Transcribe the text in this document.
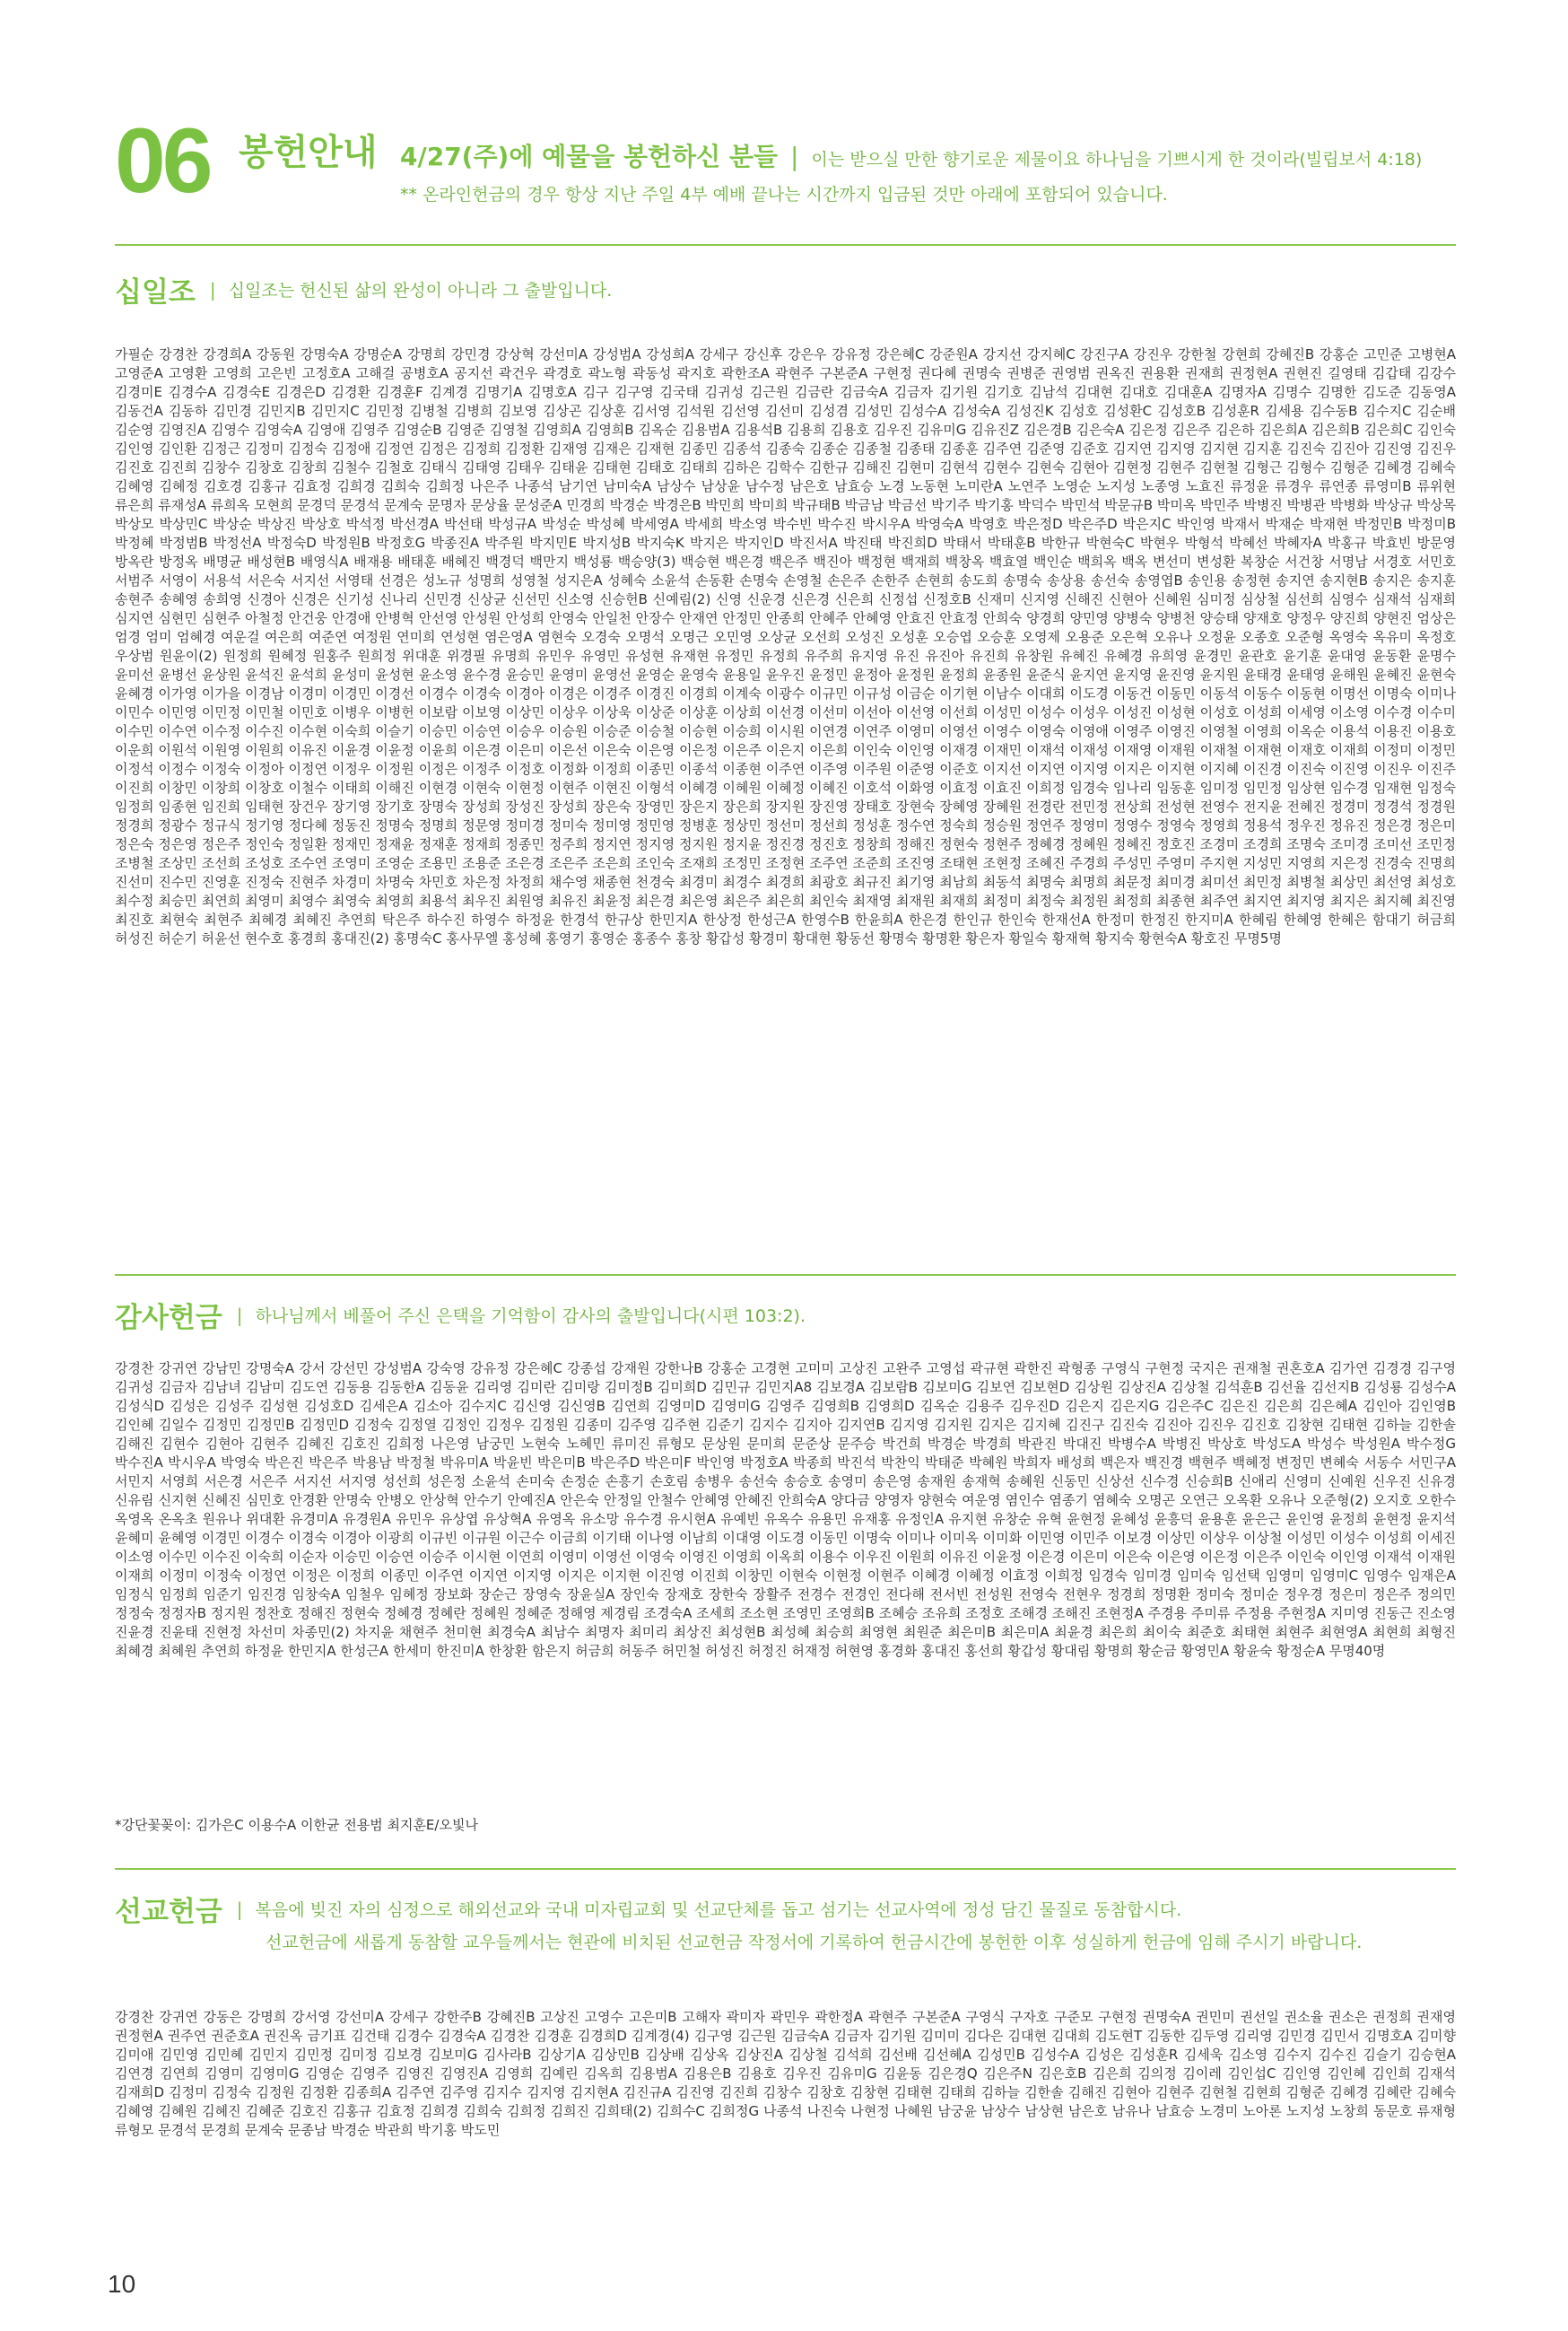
06 봉헌안내 4/27(주)에 예물을 봉헌하신 분들 | 이는 받으실 만한 향기로운 제물이요 하나님을 기쁘시게 한 것이라(빌립보서 4:18)
** 온라인헌금의 경우 항상 지난 주일 4부 예배 끝나는 시간까지 입금된 것만 아래에 포함되어 있습니다.
십일조 | 십일조는 헌신된 삶의 완성이 아니라 그 출발입니다.
가필순 강경찬 강경희A 강동원 강명숙A 강명순A 강명희 강민경 강상혁 강선미A 강성범A 강성희A 강세구 강신후 강은우 강유정 강은혜C 강준원A 강지선 강지혜C 강진구A 강진우 강한철 강현희 강혜진B 강홍순 고민준 고병현A 고영준A 고영환 고영희 고은빈 고정호A 고해걸 공병호A 공지선 곽건우 곽경호 곽노형 곽동성 곽지호 곽한조A 곽현주 구본준A 구현정 권다혜 권명숙 권병준 권영범 권옥진 권용환 권재희 권정현A 권현진 길영태 김갑태 김강수 김경미E 김경수A 김경숙E 김경은D 김경환 김경훈F 김계경 김명기A 김명호A 김구 김구영 김국태 김귀성 김근원 김금란 김금숙A 김금자 김기원 김기호 김남석 김대현 김대호 김대훈A 김명자A 김명수 김명한 김도준 김동영A 김동건A 김동하 김민경 김민지B 김민지C 김민정 김병철 김병희 김보영 김상곤 김상훈 김서영 김석원 김선영 김선미 김성겸 김성민 김성수A 김성숙A 김성진K 김성호 김성환C 김성호B 김성훈R 김세용 김수동B 김수지C 김순배 김순영 김영진A 김영수 김영숙A 김영애 김영주 김영순B 김영준 김영철 김영희A 김영희B 김옥순 김용범A 김용석B 김용희 김용호 김우진 김유미G 김유진Z 김은경B 김은숙A 김은정 김은주 김은하 김은희A 김은희B 김은희C 김인숙 김인영 김인환 김정근 김정미 김정숙 김정애 김정연 김정은 김정희 김정환 김재영 김재은 김재현 김종민 김종석 김종숙 김종순 김종철 김종태 김종훈 김주연 김준영 김준호 김지연 김지영 김지현 김지훈 김진숙 김진아 김진영 김진우 김진호 김진희 김창수 김창호 김창희 김철수 김철호 김태식 김태영 김태우 김태윤 김태현 김태호 김태희 김하은 김학수 김한규 김해진 김현미 김현석 김현수 김현숙 김현아 김현정 김현주 김현철 김형근 김형수 김형준 김혜경 김혜숙 김혜영 김혜정 김호경 김홍규 김효정 김희경 김희숙 김희정 나은주 나종석 남기연 남미숙A 남상수 남상윤 남수정 남은호 남효승 노경 노동현 노미란A 노연주 노영순 노지성 노종영 노효진 류정윤 류경우 류연종 류영미B 류위현 류은희 류재성A 류희옥 모현희 문경덕 문경석 문계숙 문명자 문상율 문성준A 민경희 박경순 박경은B 박민희 박미희 박규태B 박금남 박금선 박기주 박기홍 박덕수 박민석 박문규B 박미옥 박민주 박병진 박병관 박병화 박상규 박상목 박상모 박상민C 박상순 박상진 박상호 박석정 박선경A 박선태 박성규A 박성순 박성혜 박세영A 박세희 박소영 박수빈 박수진 박시우A 박영숙A 박영호 박은정D 박은주D 박은지C 박인영 박재서 박재순 박재현 박정민B 박정미B 박정혜 박정범B 박정선A 박정숙D 박정원B 박정호G 박종진A 박주원 박지민E 박지성B 박지숙K 박지은 박지인D 박진서A 박진태 박진희D 박태서 박태훈B 박한규 박현숙C 박현우 박형석 박혜선 박혜자A 박홍규 박효빈 방문영 방옥란 방정옥 배명균 배성현B 배영식A 배재용 배태훈 배혜진 백경덕 백만지 백성룡 백승양(3) 백승현 백은경 백은주 백진아 백정현 백재희 백창옥 백효열 백인순 백희옥 백옥 변선미 변성환 복창순 서건창 서명남 서경호 서민호 서범주 서영이 서용석 서은숙 서지선 서영태 선경은 성노규 성명희 성영철 성지은A 성혜숙 소윤석 손동환 손명숙 손영철 손은주 손한주 손현희 송도희 송명숙 송상용 송선숙 송영엽B 송인용 송정현 송지연 송지현B 송지은 송지훈 송현주 송혜영 송희영 신경아 신경은 신기성 신나리 신민경 신상균 신선민 신소영 신승헌B 신예림(2) 신영 신운경 신은경 신은희 신정섭 신정호B 신재미 신지영 신해진 신현아 신혜원 심미정 심상철 심선희 심영수 심재석 심재희 심지연 심현민 심현주 아철정 안건웅 안경애 안병혁 안선영 안성원 안성희 안영숙 안일천 안장수 안재연 안정민 안종희 안혜주 안혜영 안효진 안효정 안희숙 양경희 양민영 양병숙 양병천 양승태 양재호 양정우 양진희 양현진 엄상은 엄경 엄미 엄혜경 여운걸 여은희 여준연 여정원 연미희 연성현 염은영A 염현숙 오경숙 오명석 오명근 오민영 오상균 오선희 오성진 오성훈 오승엽 오승훈 오영제 오용준 오은혁 오유나 오정윤 오종호 오준형 옥영숙 옥유미 옥정호 우상범 원윤이(2) 원정희 원혜정 원홍주 원희정 위대훈 위경필 유명희 유민우 유영민 유성현 유재현 유정민 유정희 유주희 유지영 유진 유진아 유진희 유창원 유혜진 유혜경 유희영 윤경민 윤관호 윤기훈 윤대영 윤동환 윤명수 윤미선 윤병선 윤상원 윤석진 윤석희 윤성미 윤성현 윤소영 윤수경 윤승민 윤영미 윤영선 윤영순 윤영숙 윤용일 윤우진 윤정민 윤정아 윤정원 윤정희 윤종원 윤준식 윤지연 윤지영 윤진영 윤지원 윤태경 윤태영 윤해원 윤혜진 윤현숙 윤혜경 이가영 이가을 이경남 이경미 이경민 이경선 이경수 이경숙 이경아 이경은 이경주 이경진 이경희 이계숙 이광수 이규민 이규성 이금순 이기현 이남수 이대희 이도경 이동건 이동민 이동석 이동수 이동현 이명선 이명숙 이미나 이민수 이민영 이민정 이민철 이민호 이병우 이병헌 이보람 이보영 이상민 이상우 이상욱 이상준 이상훈 이상희 이선경 이선미 이선아 이선영 이선희 이성민 이성수 이성우 이성진 이성현 이성호 이성희 이세영 이소영 이수경 이수미 이수민 이수연 이수정 이수진 이수현 이숙희 이슬기 이승민 이승연 이승우 이승원 이승준 이승철 이승현 이승희 이시원 이연경 이연주 이영미 이영선 이영수 이영숙 이영애 이영주 이영진 이영철 이영희 이옥순 이용석 이용진 이용호 이운희 이원석 이원영 이원희 이유진 이윤경 이윤정 이윤희 이은경 이은미 이은선 이은숙 이은영 이은정 이은주 이은지 이은희 이인숙 이인영 이재경 이재민 이재석 이재성 이재영 이재원 이재철 이재현 이재호 이재희 이정미 이정민 이정석 이정수 이정숙 이정아 이정연 이정우 이정원 이정은 이정주 이정호 이정화 이정희 이종민 이종석 이종현 이주연 이주영 이주원 이준영 이준호 이지선 이지연 이지영 이지은 이지현 이지혜 이진경 이진숙 이진영 이진우 이진주 이진희 이창민 이창희 이창호 이철수 이태희 이해진 이현경 이현숙 이현정 이현주 이현진 이형석 이혜경 이혜원 이혜정 이혜진 이호석 이화영 이효정 이효진 이희정 임경숙 임나리 임동훈 임미정 임민정 임상현 임수경 임재현 임정숙 임정희 임종현 임진희 임태현 장건우 장기영 장기호 장명숙 장성희 장성진 장성희 장은숙 장영민 장은지 장은희 장지원 장진영 장태호 장현숙 장혜영 장혜원 전경란 전민정 전상희 전성현 전영수 전지윤 전혜진 정경미 정경석 정경원 정경희 정광수 정규식 정기영 정다혜 정동진 정명숙 정명희 정문영 정미경 정미숙 정미영 정민영 정병훈 정상민 정선미 정선희 정성훈 정수연 정숙희 정승원 정연주 정영미 정영수 정영숙 정영희 정용석 정우진 정유진 정은경 정은미 정은숙 정은영 정은주 정인숙 정일환 정재민 정재윤 정재훈 정재희 정종민 정주희 정지연 정지영 정지원 정지윤 정진경 정진호 정창희 정해진 정현숙 정현주 정혜경 정혜원 정혜진 정호진 조경미 조경희 조명숙 조미경 조미선 조민정 조병철 조상민 조선희 조성호 조수연 조영미 조영순 조용민 조용준 조은경 조은주 조은희 조인숙 조재희 조정민 조정현 조주연 조준희 조진영 조태현 조현정 조혜진 주경희 주성민 주영미 주지현 지성민 지영희 지은정 진경숙 진명희 진선미 진수민 진영훈 진정숙 진현주 차경미 차명숙 차민호 차은정 차정희 채수영 채종현 천경숙 최경미 최경수 최경희 최광호 최규진 최기영 최남희 최동석 최명숙 최명희 최문정 최미경 최미선 최민정 최병철 최상민 최선영 최성호 최수정 최승민 최연희 최영미 최영수 최영숙 최영희 최용석 최우진 최원영 최유진 최윤정 최은경 최은영 최은주 최은희 최인숙 최재영 최재원 최재희 최정미 최정숙 최정원 최정희 최종현 최주연 최지연 최지영 최지은 최지혜 최진영 최진호 최현숙 최현주 최혜경 최혜진 추연희 탁은주 하수진 하영수 하정윤 한경석 한규상 한민지A 한상정 한성근A 한영수B 한윤희A 한은경 한인규 한인숙 한재선A 한정미 한정진 한지미A 한혜림 한혜영 한혜은 함대기 허금희 허성진 허순기 허윤선 현수호 홍경희 홍대진(2) 홍명숙C 홍사무엘 홍성혜 홍영기 홍영순 홍종수 홍창 황갑성 황경미 황대현 황동선 황명숙 황명환 황은자 황일숙 황재혁 황지숙 황현숙A 황호진 무명5명
감사헌금 | 하나님께서 베풀어 주신 은택을 기억함이 감사의 출발입니다(시편 103:2).
강경찬 강귀연 강남민 강명숙A 강서 강선민 강성범A 강숙영 강유정 강은혜C 강종섭 강재원 강한나B 강홍순 고경현 고미미 고상진 고완주 고영섭 곽규현 곽한진 곽형종 구영식 구현정 국지은 권재철 권혼호A 김가연 김경경 김구영 김귀성 김금자 김남녀 김남미 김도연 김동용 김동한A 김동윤 김리영 김미란 김미랑 김미정B 김미희D 김민규 김민지A8 김보경A 김보람B 김보미G 김보연 김보현D 김상원 김상진A 김상철 김석훈B 김선율 김선지B 김성룡 김성수A 김성식D 김성은 김성주 김성현 김성호D 김세은A 김소아 김수지C 김신영 김신영B 김연희 김영미D 김영미G 김영주 김영희B 김영희D 김옥순 김용주 김우진D 김은지 김은지G 김은주C 김은진 김은희 김은혜A 김인아 김인영B 김인혜 김일수 김정민 김정민B 김정민D 김정숙 김정열 김정인 김정우 김정원 김종미 김주영 김주현 김준기 김지수 김지아 김지연B 김지영 김지원 김지은 김지혜 김진구 김진숙 김진아 김진우 김진호 김창현 김태현 김하늘 김한솔 김해진 김현수 김현아 김현주 김혜진 김호진 김희정 나은영 남궁민 노현숙 노혜민 류미진 류형모 문상원 문미희 문준상 문주승 박건희 박경순 박경희 박관진 박대진 박병수A 박병진 박상호 박성도A 박성수 박성원A 박수정G 박수진A 박시우A 박영숙 박은진 박은주 박용남 박정철 박유미A 박윤빈 박은미B 박은주D 박은미F 박인영 박정호A 박종희 박진석 박찬익 박태준 박혜원 박희자 배성희 백은자 백진경 백현주 백혜정 변정민 변혜숙 서동수 서민구A 서민지 서영희 서은경 서은주 서지선 서지영 성선희 성은정 소윤석 손미숙 손정순 손흥기 손호림 송병우 송선숙 송승호 송영미 송은영 송재원 송재혁 송혜원 신동민 신상선 신수경 신승희B 신애리 신영미 신예원 신우진 신유경 신유림 신지현 신혜진 심민호 안경환 안명숙 안병오 안상혁 안수기 안예진A 안은숙 안정일 안철수 안혜영 안혜진 안희숙A 양다금 양영자 양현숙 여운영 염인수 염종기 염혜숙 오명곤 오연근 오옥환 오유나 오준형(2) 오지호 오한수 옥영옥 온옥초 원유나 위대환 유경미A 유경원A 유민우 유상엽 유상혁A 유영옥 유소망 유수경 유시현A 유예빈 유옥수 유용민 유재홍 유정인A 유지현 유창순 유혁 윤현정 윤혜성 윤흥덕 윤용훈 윤은근 윤인영 윤정희 윤현정 윤지석 윤혜미 윤혜영 이경민 이경수 이경숙 이경아 이광희 이규빈 이규원 이근수 이금희 이기태 이나영 이남희 이대영 이도경 이동민 이명숙 이미나 이미옥 이미화 이민영 이민주 이보경 이상민 이상우 이상철 이성민 이성수 이성희 이세진 이소영 이수민 이수진 이숙희 이순자 이승민 이승연 이승주 이시현 이연희 이영미 이영선 이영숙 이영진 이영희 이옥희 이용수 이우진 이원희 이유진 이윤정 이은경 이은미 이은숙 이은영 이은정 이은주 이인숙 이인영 이재석 이재원 이재희 이정미 이정숙 이정연 이정은 이정희 이종민 이주연 이지연 이지영 이지은 이지현 이진영 이진희 이창민 이현숙 이현정 이현주 이혜경 이혜정 이효정 이희정 임경숙 임미경 임미숙 임선택 임영미 임영미C 임영수 임재은A 임정식 임정희 임준기 임진경 임창숙A 임철우 임혜정 장보화 장순근 장영숙 장윤실A 장인숙 장재호 장한숙 장활주 전경수 전경인 전다해 전서빈 전성원 전영숙 전현우 정경희 정명환 정미숙 정미순 정우경 정은미 정은주 정의민 정정숙 정정자B 정지원 정찬호 정해진 정현숙 정혜경 정혜란 정혜원 정혜준 정해영 제경림 조경숙A 조세희 조소현 조영민 조영희B 조혜승 조유희 조정호 조해경 조해진 조현정A 주경용 주미류 주정용 주현정A 지미영 진동근 진소영 진윤경 진윤태 진현정 차선미 차종민(2) 차지윤 채현주 천미현 최경숙A 최남수 최명자 최미리 최상진 최성현B 최성혜 최승희 최영현 최원준 최은미B 최은미A 최윤경 최은희 최이숙 최준호 최태현 최현주 최현영A 최현희 최형진 최혜경 최혜원 추연희 하정윤 한민지A 한성근A 한세미 한진미A 한창환 함은지 허금희 허동주 허민철 허성진 허정진 허재정 허현영 홍경화 홍대진 홍선희 황갑성 황대림 황명희 황순금 황영민A 황윤숙 황정순A 무명40명
*강단꽃꽂이: 김가은C 이용수A 이한균 전용범 최지훈E/오빛나
선교헌금 | 복음에 빚진 자의 심정으로 해외선교와 국내 미자립교회 및 선교단체를 돕고 섬기는 선교사역에 정성 담긴 물질로 동참합시다.
선교헌금에 새롭게 동참할 교우들께서는 현관에 비치된 선교헌금 작정서에 기록하여 헌금시간에 봉헌한 이후 성실하게 헌금에 임해 주시기 바랍니다.
강경찬 강귀연 강동은 강명희 강서영 강선미A 강세구 강한주B 강혜진B 고상진 고영수 고은미B 고해자 곽미자 곽민우 곽한정A 곽현주 구본준A 구영식 구자호 구준모 구현정 권명숙A 권민미 권선일 권소율 권소은 권정희 권재영 권정현A 권주연 권준호A 권진옥 금기표 김건태 김경수 김경숙A 김경찬 김경훈 김경희D 김계경(4) 김구영 김근원 김금숙A 김금자 김기원 김미미 김다은 김대현 김대희 김도현T 김동한 김두영 김리영 김민경 김민서 김명호A 김미향 김미애 김민영 김민혜 김민지 김민정 김미정 김보경 김보미G 김사라B 김상기A 김상민B 김상배 김상옥 김상진A 김상철 김석희 김선배 김선혜A 김성민B 김성수A 김성은 김성훈R 김세욱 김소영 김수지 김수진 김슬기 김승현A 김연경 김연희 김영미 김영미G 김영순 김영주 김영진 김영진A 김영희 김예린 김옥희 김용범A 김용은B 김용호 김우진 김유미G 김윤동 김은경Q 김은주N 김은호B 김은희 김의정 김이레 김인섭C 김인영 김인혜 김인희 김재석 김재희D 김정미 김정숙 김정원 김정환 김종희A 김주연 김주영 김지수 김지영 김지현A 김진규A 김진영 김진희 김창수 김창호 김창현 김태현 김태희 김하늘 김한솔 김해진 김현아 김현주 김현철 김현희 김형준 김혜경 김혜란 김혜숙 김혜영 김혜원 김혜진 김혜준 김호진 김홍규 김효정 김희경 김희숙 김희정 김희진 김희태(2) 김희수C 김희정G 나종석 나진숙 나현정 나혜원 남궁윤 남상수 남상현 남은호 남유나 남효승 노경미 노아론 노지성 노창희 동문호 류재형 류형모 문경석 문경희 문계숙 문종남 박경순 박관희 박기홍 박도민
10
